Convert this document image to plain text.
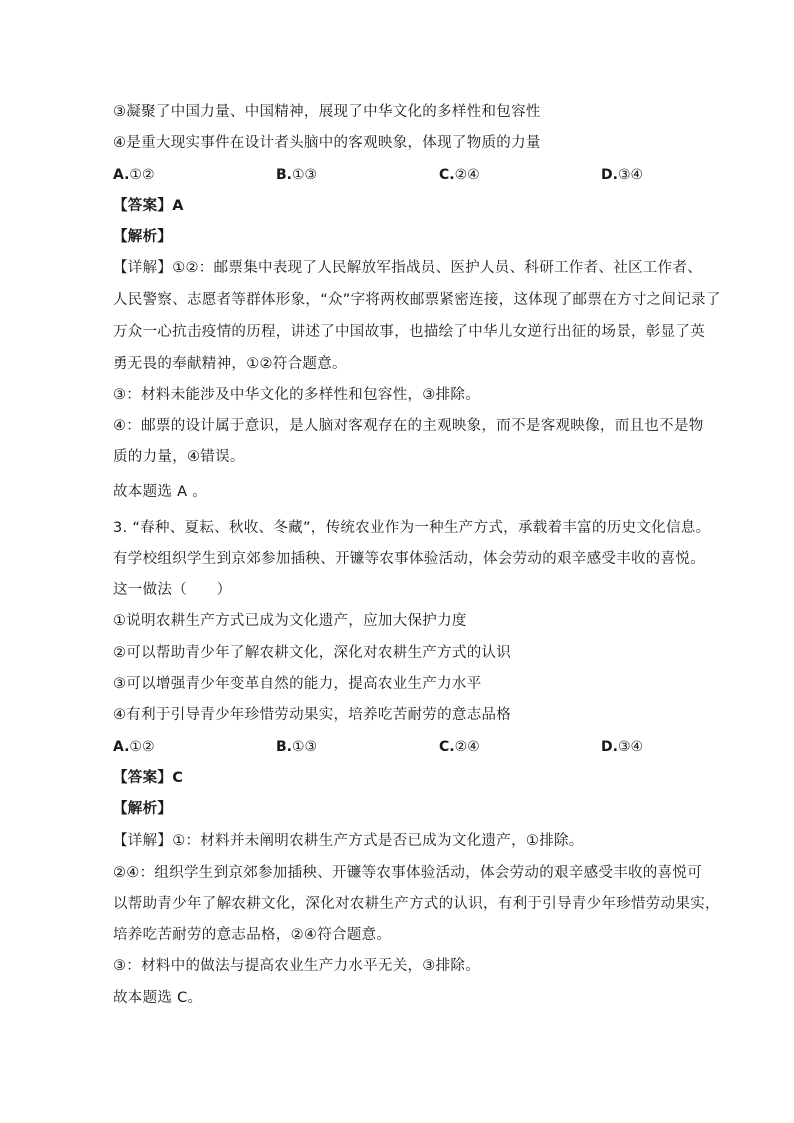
③凝聚了中国力量、中国精神，展现了中华文化的多样性和包容性
④是重大现实事件在设计者头脑中的客观映象，体现了物质的力量
A.①②	B.①③	C.②④	D.③④
【答案】A
【解析】
【详解】①②：邮票集中表现了人民解放军指战员、医护人员、科研工作者、社区工作者、
人民警察、志愿者等群体形象，“众”字将两枚邮票紧密连接，这体现了邮票在方寸之间记录了
万众一心抗击疫情的历程，讲述了中国故事，也描绘了中华儿女逆行出征的场景，彰显了英
勇无畏的奉献精神，①②符合题意。
③：材料未能涉及中华文化的多样性和包容性，③排除。
④：邮票的设计属于意识，是人脑对客观存在的主观映象，而不是客观映像，而且也不是物
质的力量，④错误。
故本题选 A 。
3. “春种、夏耘、秋收、冬藏”，传统农业作为一种生产方式，承载着丰富的历史文化信息。
有学校组织学生到京郊参加插秧、开镰等农事体验活动，体会劳动的艰辛感受丰收的喜悦。
这一做法（　　）
①说明农耕生产方式已成为文化遗产，应加大保护力度
②可以帮助青少年了解农耕文化，深化对农耕生产方式的认识
③可以增强青少年变革自然的能力，提高农业生产力水平
④有利于引导青少年珍惜劳动果实，培养吃苦耐劳的意志品格
A.①②	B.①③	C.②④	D.③④
【答案】C
【解析】
【详解】①：材料并未阐明农耕生产方式是否已成为文化遗产，①排除。
②④：组织学生到京郊参加插秧、开镰等农事体验活动，体会劳动的艰辛感受丰收的喜悦可
以帮助青少年了解农耕文化，深化对农耕生产方式的认识，有利于引导青少年珍惜劳动果实，
培养吃苦耐劳的意志品格，②④符合题意。
③：材料中的做法与提高农业生产力水平无关，③排除。
故本题选 C。
